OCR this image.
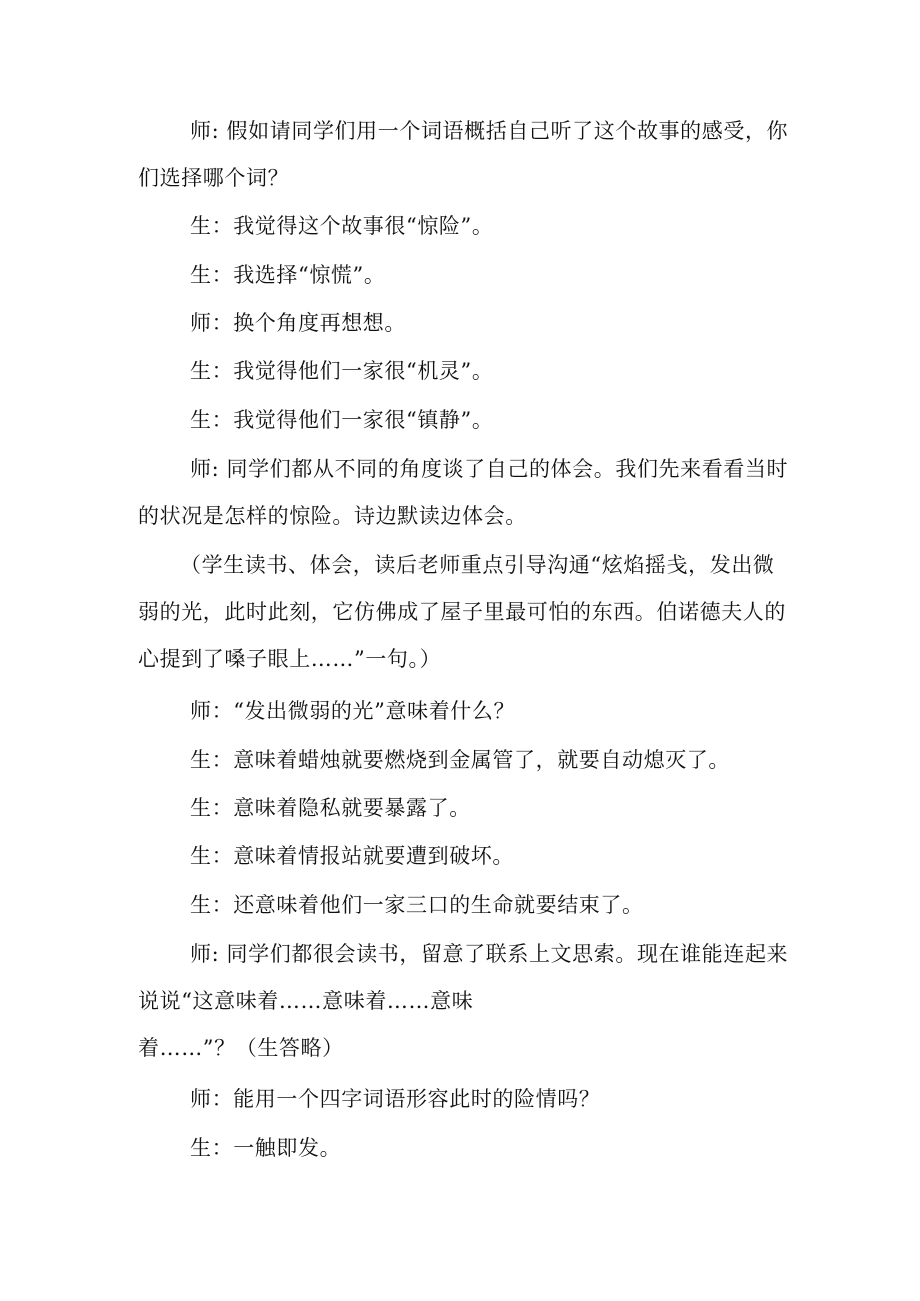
师: 假如请同学们用一个词语概括自己听了这个故事的感受，你
们选择哪个词？

生：我觉得这个故事很“惊险”。

生：我选择“惊慌”。

师：换个角度再想想。

生：我觉得他们一家很“机灵”。

生：我觉得他们一家很“镇静”。

师: 同学们都从不同的角度谈了自己的体会。我们先来看看当时
的状况是怎样的惊险。诗边默读边体会。

（学生读书、体会，读后老师重点引导沟通“炫焰摇戋，发出微
弱的光，此时此刻，它仿佛成了屋子里最可怕的东西。伯诺德夫人的
心提到了嗓子眼上……”一句。）

师：“发出微弱的光”意味着什么？

生：意味着蜡烛就要燃烧到金属管了，就要自动熄灭了。

生：意味着隐私就要暴露了。

生：意味着情报站就要遭到破坏。

生：还意味着他们一家三口的生命就要结束了。

师: 同学们都很会读书，留意了联系上文思索。现在谁能连起来
说说“这意味着……意味着……意味
着……”？（生答略）

师：能用一个四字词语形容此时的险情吗？

生：一触即发。
